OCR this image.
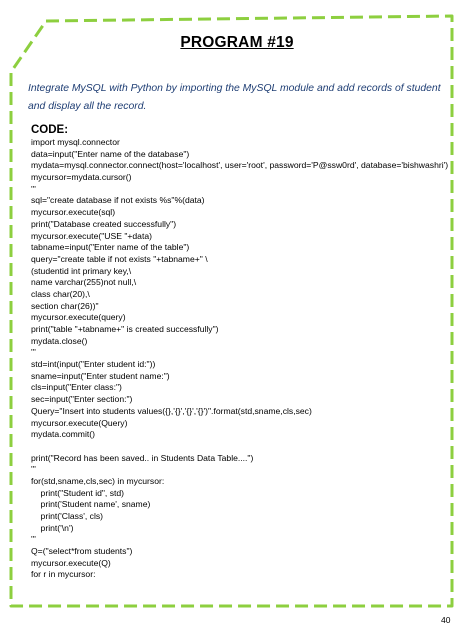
PROGRAM #19
Integrate MySQL with Python by importing the MySQL module and add records of student
and display all the record.
CODE:
import mysql.connector
data=input("Enter name of the database")
mydata=mysql.connector.connect(host='localhost', user='root', password='P@ssw0rd', database='bishwashri')
mycursor=mydata.cursor()
'''
sql="create database if not exists %s"%(data)
mycursor.execute(sql)
print("Database created successfully")
mycursor.execute("USE "+data)
tabname=input("Enter name of the table")
query="create table if not exists "+tabname+" \
(studentid int primary key,\
name varchar(255)not null,\
class char(20),\
section char(26))"
mycursor.execute(query)
print("table "+tabname+" is created successfully")
mydata.close()
'''
std=int(input("Enter student id:"))
sname=input("Enter student name:")
cls=input("Enter class:")
sec=input("Enter section:")
Query="Insert into students values({},'{}','{}','{}')".format(std,sname,cls,sec)
mycursor.execute(Query)
mydata.commit()
print("Record has been saved.. in Students Data Table....")
'''
for(std,sname,cls,sec) in mycursor:
print("Student id", std)
print('Student name', sname)
print('Class', cls)
print('\n')
'''
Q=("select*from students")
mycursor.execute(Q)
for r in mycursor:
40
